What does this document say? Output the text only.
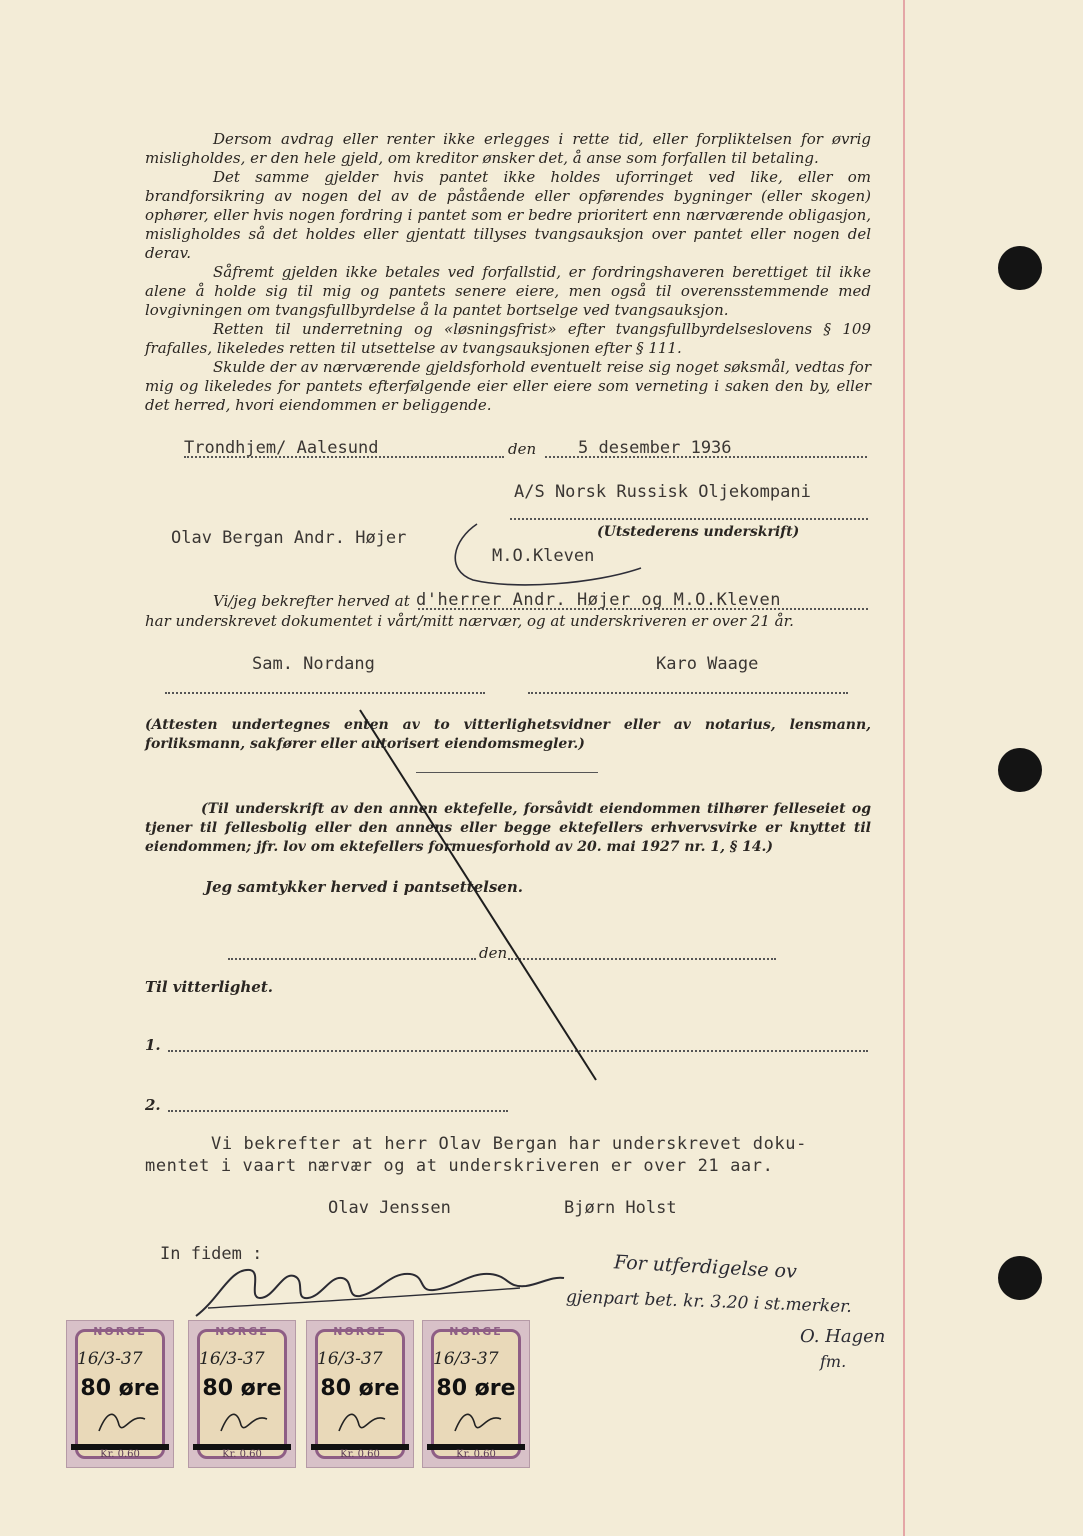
Dersom avdrag eller renter ikke erlegges i rette tid, eller forpliktelsen for øvrig misligholdes, er den hele gjeld, om kreditor ønsker det, å anse som forfallen til betaling.

Det samme gjelder hvis pantet ikke holdes uforringet ved like, eller om brandforsikring av nogen del av de påstående eller opførendes bygninger (eller skogen) ophører, eller hvis nogen fordring i pantet som er bedre prioritert enn nærværende obligasjon, misligholdes så det holdes eller gjentatt tillyses tvangsauksjon over pantet eller nogen del derav.

Såfremt gjelden ikke betales ved forfallstid, er fordringshaveren berettiget til ikke alene å holde sig til mig og pantets senere eiere, men også til overensstemmende med lovgivningen om tvangsfullbyrdelse å la pantet bortselge ved tvangsauksjon.

Retten til underretning og «løsningsfrist» efter tvangsfullbyrdelseslovens § 109 frafalles, likeledes retten til utsettelse av tvangsauksjonen efter § 111.

Skulde der av nærværende gjeldsforhold eventuelt reise sig noget søksmål, vedtas for mig og likeledes for pantets efterfølgende eier eller eiere som verneting i saken den by, eller det herred, hvori eiendommen er beliggende.

Trondhjem/ Aalesund	den 5 desember 1936
A/S Norsk Russisk Oljekompani
(Utstederens underskrift)
Olav Bergan Andr. Højer
M.O.Kleven
Vi/jeg bekrefter herved at d'herrer Andr. Højer og M.O.Kleven
har underskrevet dokumentet i vårt/mitt nærvær, og at underskriveren er over 21 år.
Sam. Nordang	Karo Waage
(Attesten undertegnes enten av to vitterlighetsvidner eller av notarius, lensmann, forliksmann, sakfører eller autorisert eiendomsmegler.)
(Til underskrift av den annen ektefelle, forsåvidt eiendommen tilhører felleseiet og tjener til fellesbolig eller den annens eller begge ektefellers erhvervsvirke er knyttet til eiendommen; jfr. lov om ektefellers formuesforhold av 20. mai 1927 nr. 1, § 14.)
Jeg samtykker herved i pantsettelsen.
den
Til vitterlighet.
1.
2.
Vi bekrefter at herr Olav Bergan har underskrevet doku-
mentet i vaart nærvær og at underskriveren er over 21 aar.
Olav Jenssen	Bjørn Holst
In fidem :	For utferdigelse ov
gjenpart bet. kr. 3.20 i st.merker.
O. Hagen
fm.
NORGE
16/3-37
80 øre
Kr. 0.60
NORGE
16/3-37
80 øre
Kr. 0.60
NORGE
16/3-37
80 øre
Kr. 0.60
NORGE
16/3-37
80 øre
Kr. 0.60
